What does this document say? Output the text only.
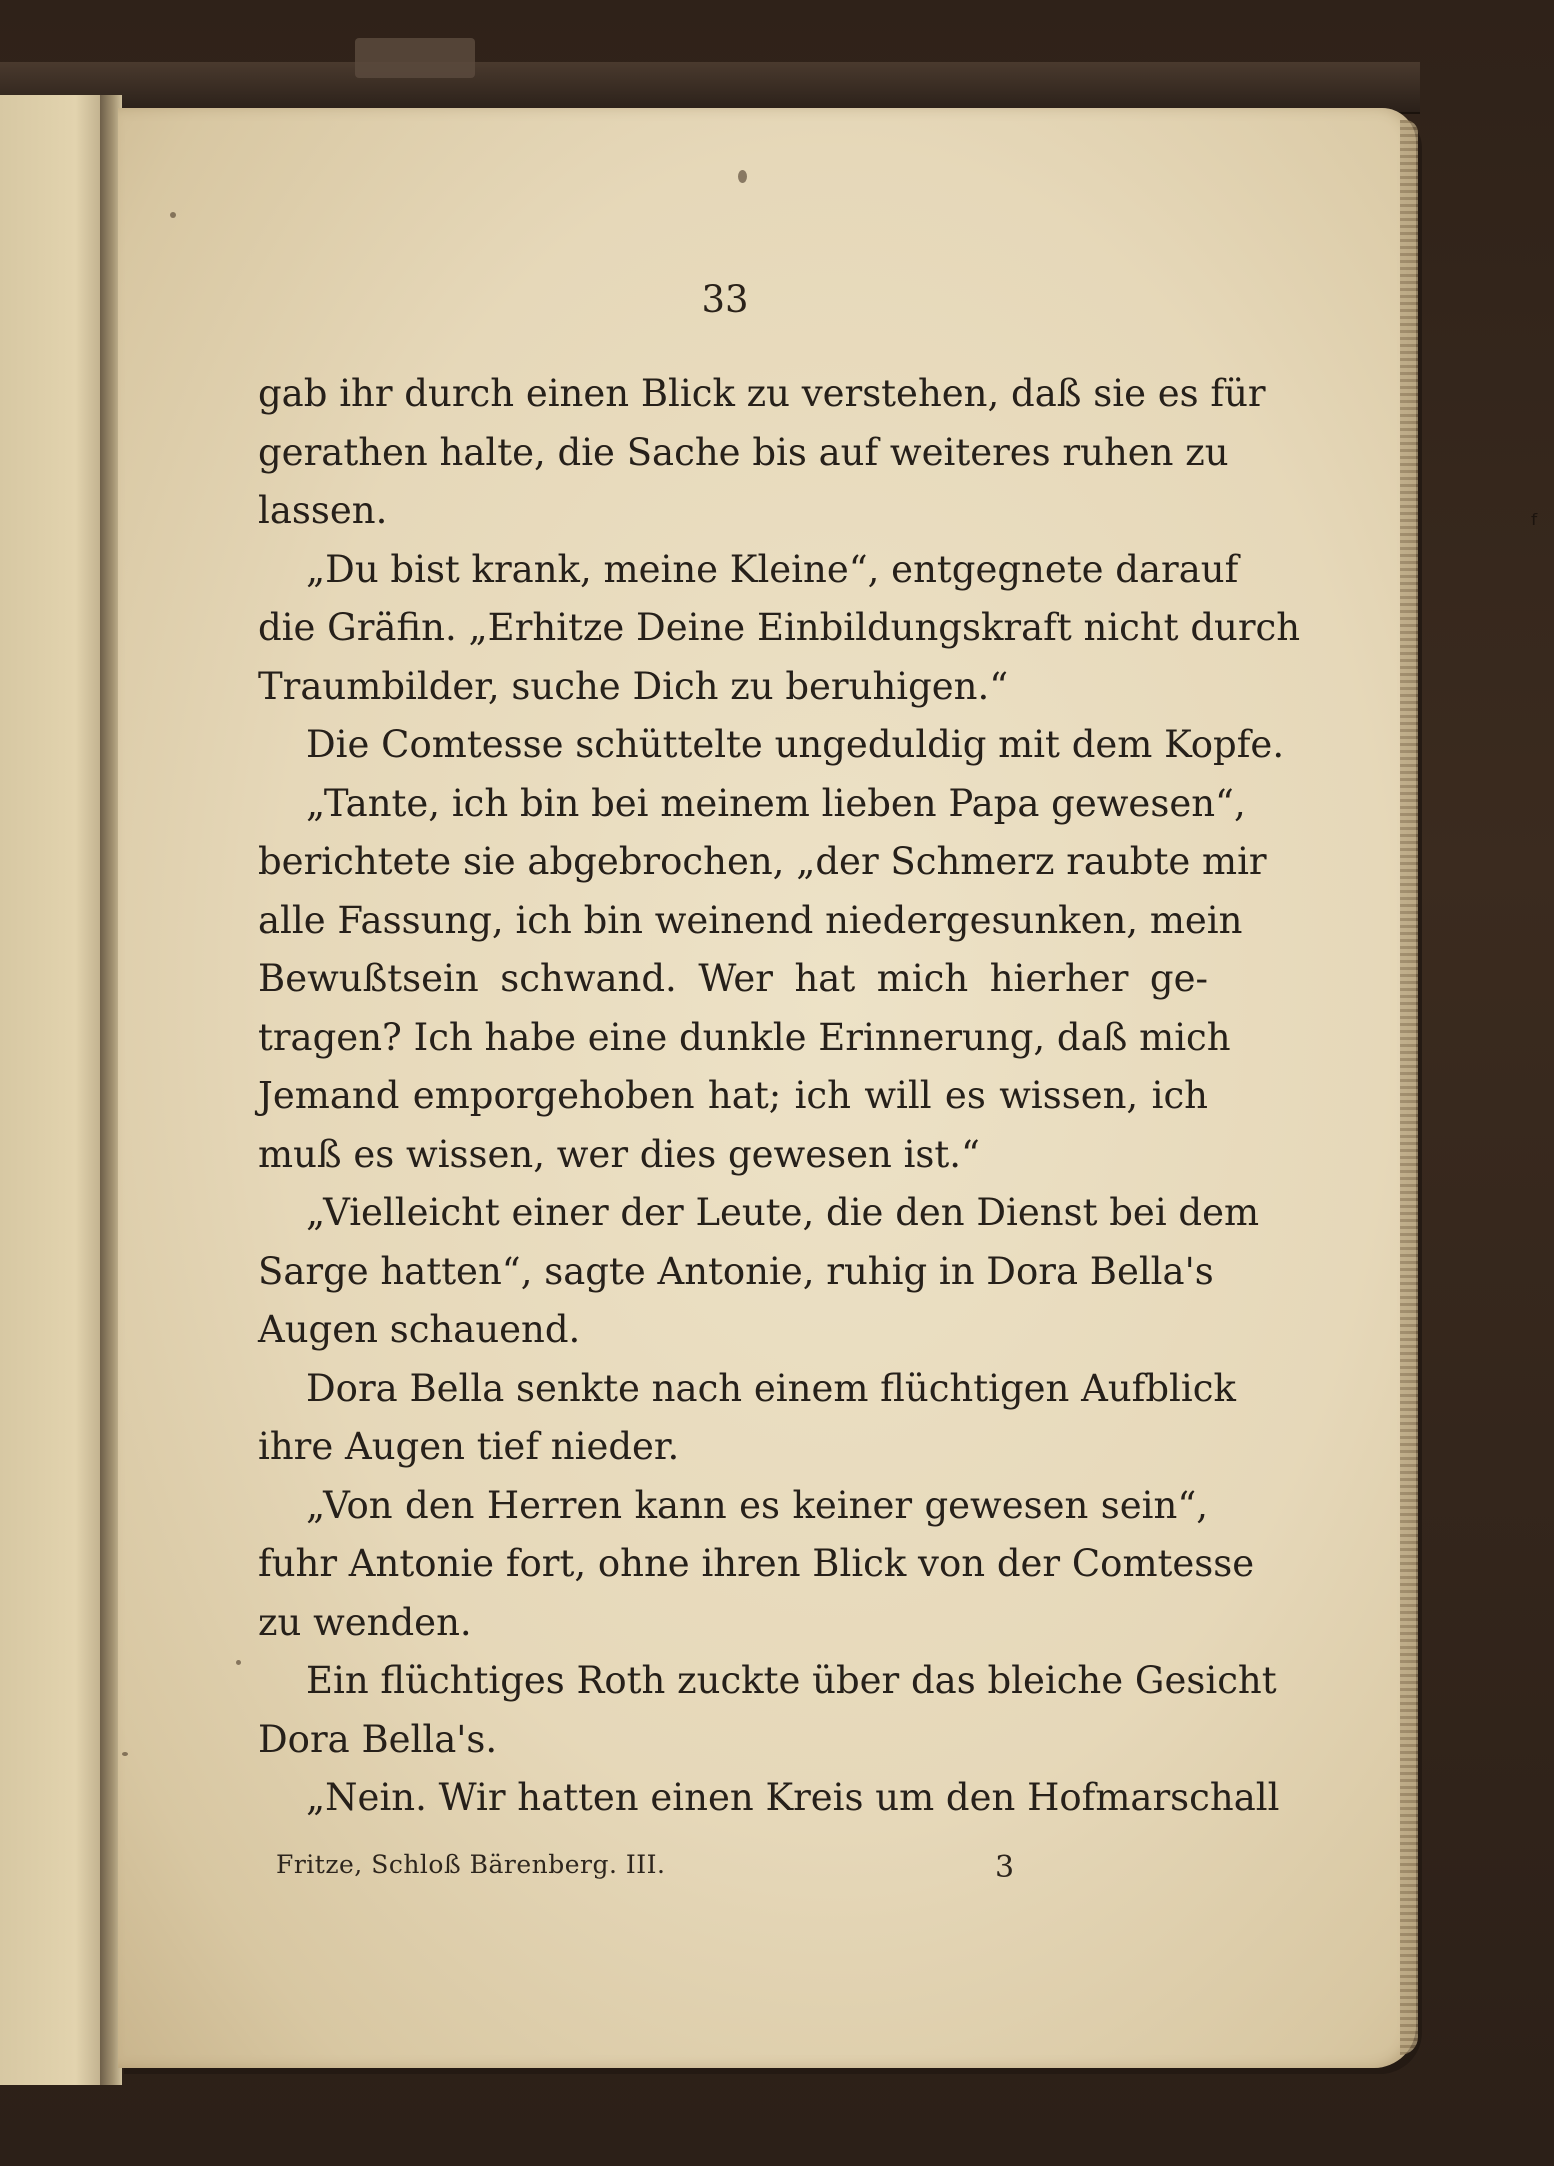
ᶠ
33
gab ihr durch einen Blick zu verstehen, daß sie es für
gerathen halte, die Sache bis auf weiteres ruhen zu
lassen.
„Du bist krank, meine Kleine“, entgegnete darauf
die Gräfin. „Erhitze Deine Einbildungskraft nicht durch
Traumbilder, suche Dich zu beruhigen.“
Die Comtesse schüttelte ungeduldig mit dem Kopfe.
„Tante, ich bin bei meinem lieben Papa gewesen“,
berichtete sie abgebrochen, „der Schmerz raubte mir
alle Fassung, ich bin weinend niedergesunken, mein
Bewußtsein schwand. Wer hat mich hierher ge-
tragen? Ich habe eine dunkle Erinnerung, daß mich
Jemand emporgehoben hat; ich will es wissen, ich
muß es wissen, wer dies gewesen ist.“
„Vielleicht einer der Leute, die den Dienst bei dem
Sarge hatten“, sagte Antonie, ruhig in Dora Bella's
Augen schauend.
Dora Bella senkte nach einem flüchtigen Aufblick
ihre Augen tief nieder.
„Von den Herren kann es keiner gewesen sein“,
fuhr Antonie fort, ohne ihren Blick von der Comtesse
zu wenden.
Ein flüchtiges Roth zuckte über das bleiche Gesicht
Dora Bella's.
„Nein. Wir hatten einen Kreis um den Hofmarschall
Fritze, Schloß Bärenberg. III.	3
